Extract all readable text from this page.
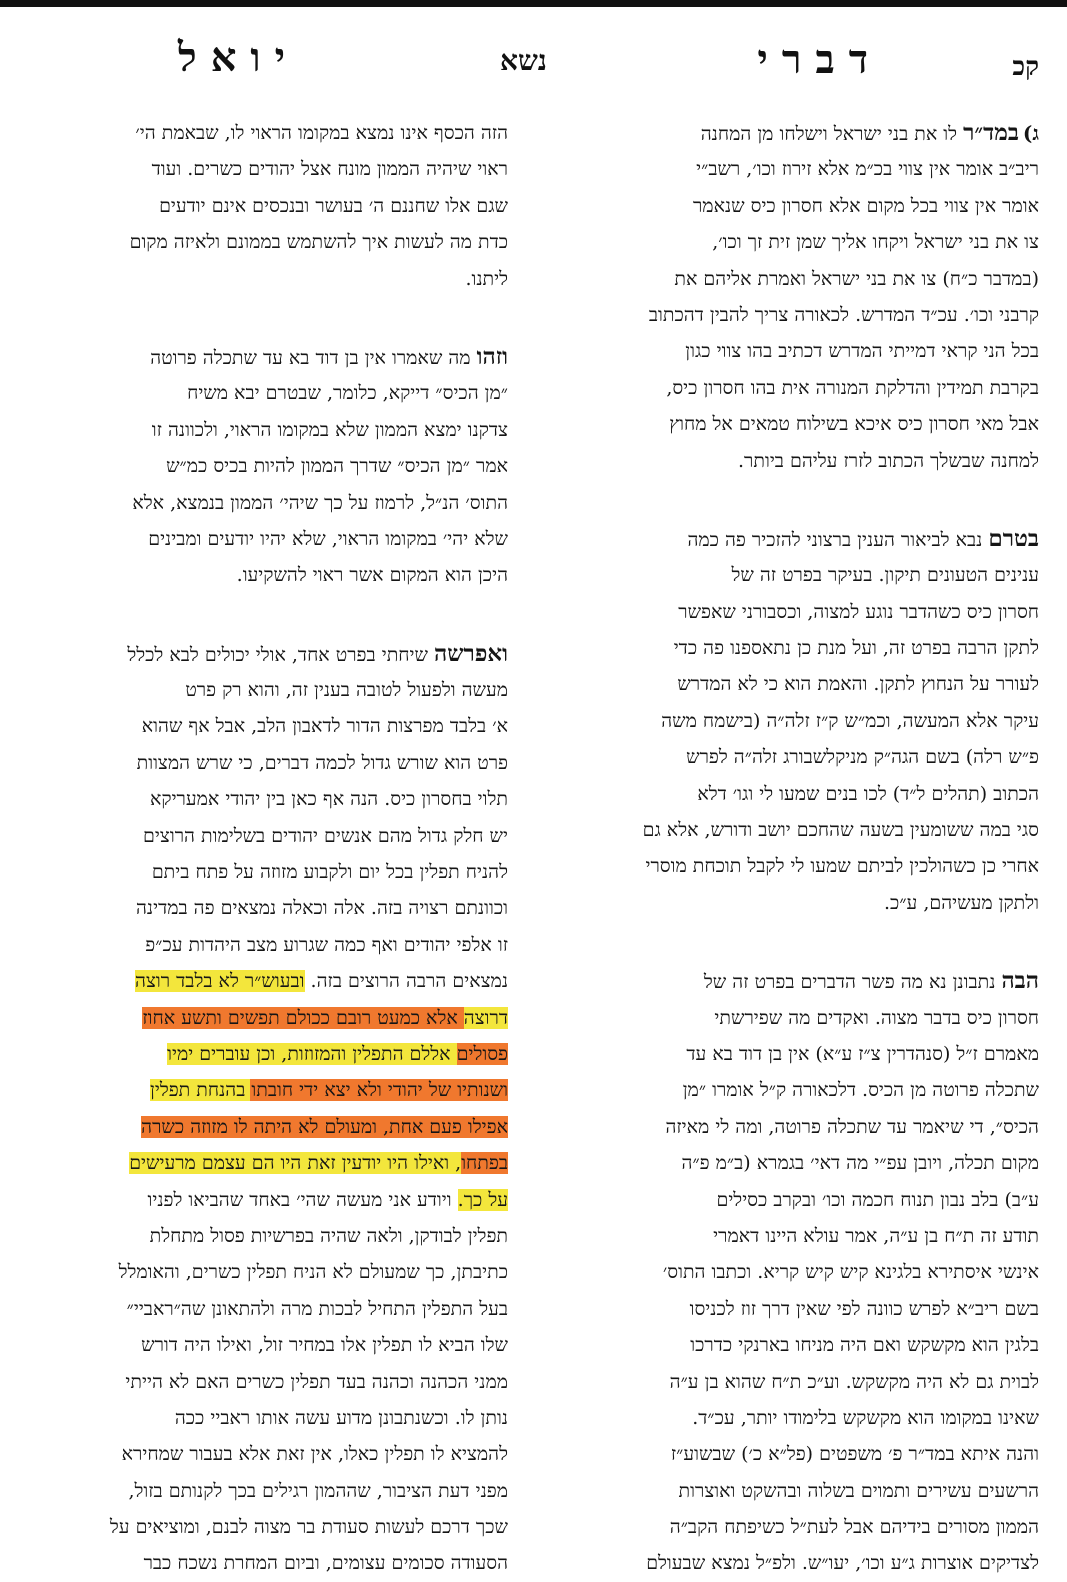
קכ
דברי
נשא
יואל
ג)במד״ר לו את בני ישראל וישלחו מן המחנה
ריב״ב אומר אין צווי בכ״מ אלא זירוז וכו׳, רשב״י
אומר אין צווי בכל מקום אלא חסרון כיס שנאמר
צו את בני ישראל ויקחו אליך שמן זית זך וכו׳,
(במדבר כ״ח) צו את בני ישראל ואמרת אליהם את
קרבני וכו׳. עכ״ד המדרש. לכאורה צריך להבין דהכתוב
בכל הני קראי דמייתי המדרש דכתיב בהו צווי כגון
בקרבת תמידין והדלקת המנורה אית בהו חסרון כיס,
אבל מאי חסרון כיס איכא בשילוח טמאים אל מחוץ
למחנה שבשלך הכתוב לזרז עליהם ביותר.
בטרם נבא לביאור הענין ברצוני להזכיר פה כמה
ענינים הטעונים תיקון. בעיקר בפרט זה של
חסרון כיס כשהדבר נוגע למצוה, וכסבורני שאפשר
לתקן הרבה בפרט זה, ועל מנת כן נתאספנו פה כדי
לעורר על הנחוץ לתקן. והאמת הוא כי לא המדרש
עיקר אלא המעשה, וכמ״ש ק״ז זלה״ה (בישמח משה
פ״ש רלה) בשם הגה״ק מניקלשבורג זלה״ה לפרש
הכתוב (תהלים ל״ד) לכו בנים שמעו לי וגו׳ דלא
סגי במה ששומעין בשעה שהחכם יושב ודורש, אלא גם
אחרי כן כשהולכין לביתם שמעו לי לקבל תוכחת מוסרי
ולתקן מעשיהם, ע״כ.
הבה נתבונן נא מה פשר הדברים בפרט זה של
חסרון כיס בדבר מצוה. ואקדים מה שפירשתי
מאמרם ז״ל (סנהדרין צ״ז ע״א) אין בן דוד בא עד
שתכלה פרוטה מן הכיס. דלכאורה ק״ל אומרו ״מן
הכיס״, די שיאמר עד שתכלה פרוטה, ומה לי מאיזה
מקום תכלה, ויובן עפ״י מה דאי׳ בגמרא (ב״מ פ״ה
ע״ב) בלב נבון תנוח חכמה וכו׳ ובקרב כסילים
תודע זה ת״ח בן ע״ה, אמר עולא היינו דאמרי
אינשי איסתירא בלגינא קיש קיש קריא. וכתבו התוס׳
בשם ריב״א לפרש כוונה לפי שאין דרך זוז לכניסו
בלגין הוא מקשקש ואם היה מניחו בארנקי כדרכו
לבוית גם לא היה מקשקש. וע״כ ת״ח שהוא בן ע״ה
שאינו במקומו הוא מקשקש בלימודו יותר, עכ״ד.
והנה איתא במד״ר פ׳ משפטים (פל״א כ׳) שבשוע״ז
הרשעים עשירים ותמוים בשלוה ובהשקט ואוצרות
הממון מסורים בידיהם אבל לעת״ל כשיפתח הקב״ה
לצדיקים אוצרות ג״ע וכו׳, יעו״ש. ולפ״ל נמצא שבעולם
הזה הכסף אינו נמצא במקומו הראוי לו, שבאמת הי׳
ראוי שיהיה הממון מונח אצל יהודים כשרים. ועוד
שגם אלו שחננם ה׳ בעושר ובנכסים אינם יודעים
כדת מה לעשות איך להשתמש בממונם ולאיזה מקום
ליתנו.
וזהו מה שאמרו אין בן דוד בא עד שתכלה פרוטה
״מן הכיס״ דייקא, כלומר, שבטרם יבא משיח
צדקנו ימצא הממון שלא במקומו הראוי, ולכוונה זו
אמר ״מן הכיס״ שדרך הממון להיות בכיס כמ״ש
התוס׳ הנ״ל, לרמוז על כך שיהי׳ הממון בנמצא, אלא
שלא יהי׳ במקומו הראוי, שלא יהיו יודעים ומבינים
היכן הוא המקום אשר ראוי להשקיעו.
ואפרשה שיחתי בפרט אחד, אולי יכולים לבא לכלל
מעשה ולפעול לטובה בענין זה, והוא רק פרט
א׳ בלבד מפרצות הדור לדאבון הלב, אבל אף שהוא
פרט הוא שורש גדול לכמה דברים, כי שרש המצוות
תלוי בחסרון כיס. הנה אף כאן בין יהודי אמעריקא
יש חלק גדול מהם אנשים יהודים בשלימות הרוצים
להניח תפלין בכל יום ולקבוע מזוזה על פתח ביתם
וכוונתם רצויה בזה. אלה וכאלה נמצאים פה במדינה
זו אלפי יהודים ואף כמה שגרוע מצב היהדות עכ״פ
נמצאים הרבה הרוצים בזה. ובעוש״ר לא בלבד רוצה
דרוצה אלא כמעט רובם ככולם תפשים ותשע אחוז
פסולים אללם התפלין והמזוזות, וכן עוברים ימיו
ושנותיו של יהודי ולא יצא ידי חובתו בהנחת תפלין
אפילו פעם אחת, ומעולם לא היתה לו מזוזה כשרה
בפתחו, ואילו היו יודעין זאת היו הם עצמם מרעישים
על כך. ויודע אני מעשה שהי׳ באחד שהביאו לפניו
תפלין לבודקן, ולאה שהיה בפרשיות פסול מתחלת
כתיבתן, כך שמעולם לא הניח תפלין כשרים, והאומלל
בעל התפלין התחיל לבכות מרה ולהתאונן שה״ראביי״
שלו הביא לו תפלין אלו במחיר זול, ואילו היה דורש
ממני הכהנה וכהנה בעד תפלין כשרים האם לא הייתי
נותן לו. וכשנתבונן מדוע עשה אותו ראביי ככה
להמציא לו תפלין כאלו, אין זאת אלא בעבור שמחירא
מפני דעת הציבור, שההמון רגילים בכך לקנותם בזול,
שכך דרכם לעשות סעודת בר מצוה לבנם, ומוציאים על
הסעודה סכומים עצומים, וביום המחרת נשכח כבר
